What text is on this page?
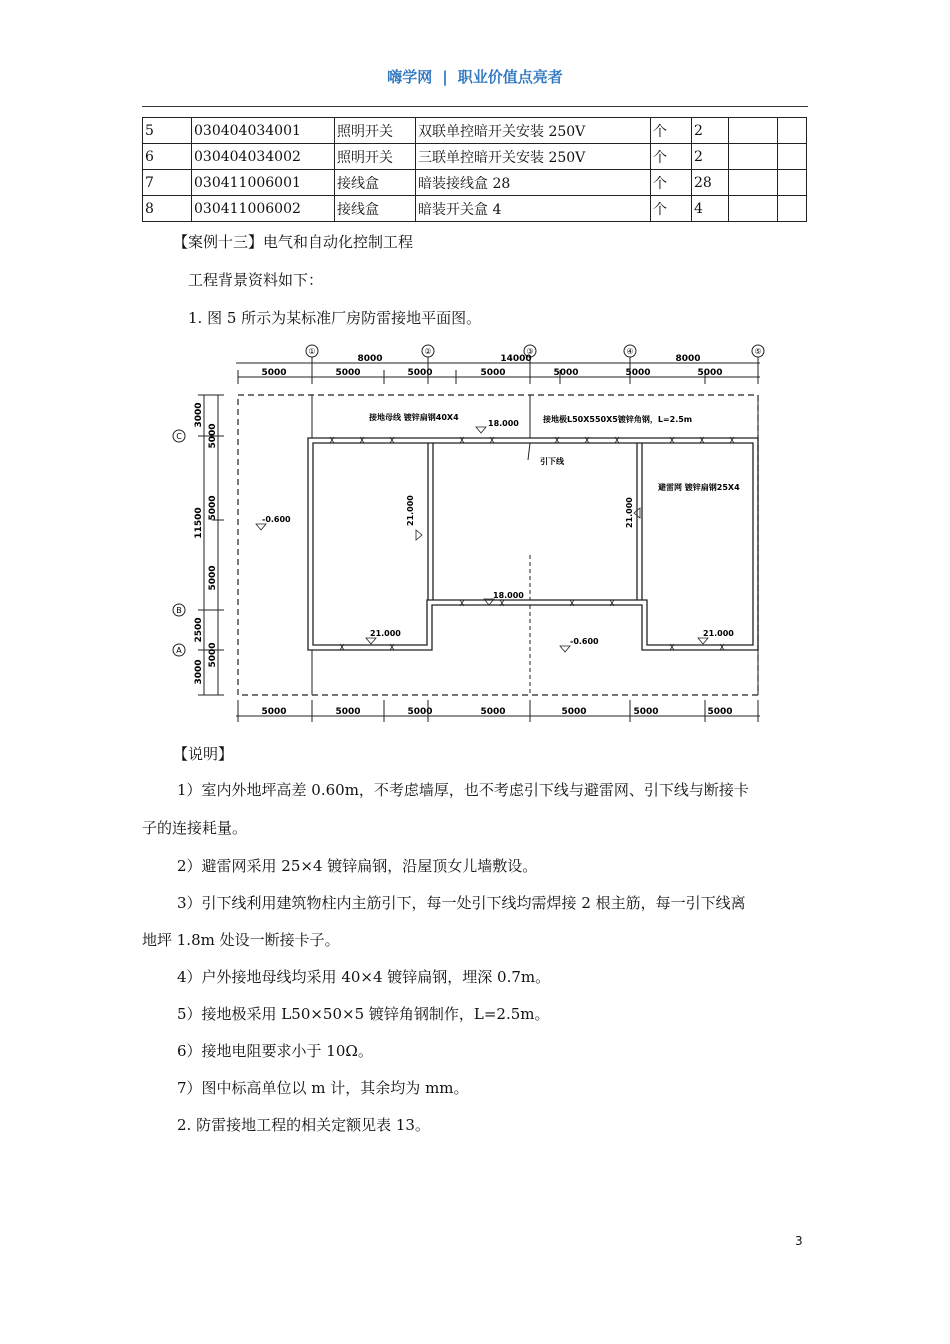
嗨学网 | 职业价值点亮者
5	030404034001	照明开关	双联单控暗开关安装 250V	个	2		
6	030404034002	照明开关	三联单控暗开关安装 250V	个	2		
7	030411006001	接线盒	暗装接线盒 28	个	28		
8	030411006002	接线盒	暗装开关盒 4	个	4		
【案例十三】电气和自动化控制工程
工程背景资料如下：
1. 图 5 所示为某标准厂房防雷接地平面图。
①	②	③	④	⑤
C
B
A
8000	14000	8000
5000	5000	5000	5000	5000	5000	5000
5000	5000	5000	5000	5000	5000	5000
3000
11500
2500
3000
5000
5000
5000
5000
接地母线 镀锌扁钢40X4	接地极L50X550X5镀锌角钢，L=2.5m
引下线
避雷网 镀锌扁钢25X4
18.000
18.000
21.000	21.000
-0.600
-0.600
21.000	21.000
【说明】
1）室内外地坪高差 0.60m，不考虑墙厚，也不考虑引下线与避雷网、引下线与断接卡
子的连接耗量。
2）避雷网采用 25×4 镀锌扁钢，沿屋顶女儿墙敷设。
3）引下线利用建筑物柱内主筋引下，每一处引下线均需焊接 2 根主筋，每一引下线离
地坪 1.8m 处设一断接卡子。
4）户外接地母线均采用 40×4 镀锌扁钢，埋深 0.7m。
5）接地极采用 L50×50×5 镀锌角钢制作，L=2.5m。
6）接地电阻要求小于 10Ω。
7）图中标高单位以 m 计，其余均为 mm。
2. 防雷接地工程的相关定额见表 13。
3
